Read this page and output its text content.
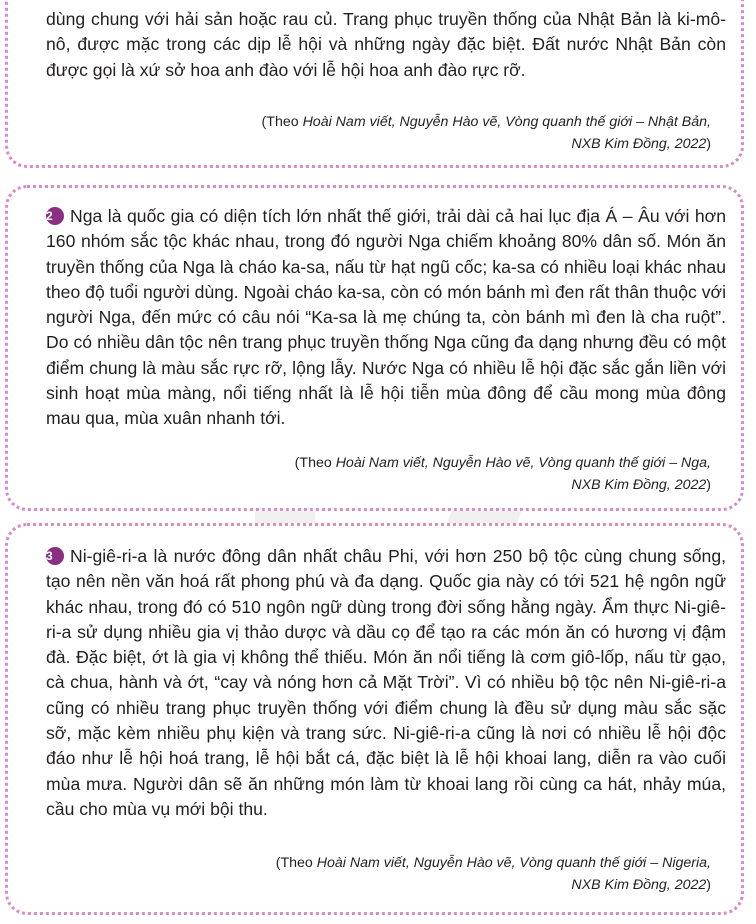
dùng chung với hải sản hoặc rau củ. Trang phục truyền thống của Nhật Bản là ki-mô-nô, được mặc trong các dịp lễ hội và những ngày đặc biệt. Đất nước Nhật Bản còn được gọi là xứ sở hoa anh đào với lễ hội hoa anh đào rực rỡ.

(Theo Hoài Nam viết, Nguyễn Hào vẽ, Vòng quanh thế giới – Nhật Bản,
NXB Kim Đồng, 2022)

2 Nga là quốc gia có diện tích lớn nhất thế giới, trải dài cả hai lục địa Á – Âu với hơn 160 nhóm sắc tộc khác nhau, trong đó người Nga chiếm khoảng 80% dân số. Món ăn truyền thống của Nga là cháo ka-sa, nấu từ hạt ngũ cốc; ka-sa có nhiều loại khác nhau theo độ tuổi người dùng. Ngoài cháo ka-sa, còn có món bánh mì đen rất thân thuộc với người Nga, đến mức có câu nói “Ka-sa là mẹ chúng ta, còn bánh mì đen là cha ruột”. Do có nhiều dân tộc nên trang phục truyền thống Nga cũng đa dạng nhưng đều có một điểm chung là màu sắc rực rỡ, lộng lẫy. Nước Nga có nhiều lễ hội đặc sắc gắn liền với sinh hoạt mùa màng, nổi tiếng nhất là lễ hội tiễn mùa đông để cầu mong mùa đông mau qua, mùa xuân nhanh tới.

(Theo Hoài Nam viết, Nguyễn Hào vẽ, Vòng quanh thế giới – Nga,
NXB Kim Đồng, 2022)

3 Ni-giê-ri-a là nước đông dân nhất châu Phi, với hơn 250 bộ tộc cùng chung sống, tạo nên nền văn hoá rất phong phú và đa dạng. Quốc gia này có tới 521 hệ ngôn ngữ khác nhau, trong đó có 510 ngôn ngữ dùng trong đời sống hằng ngày. Ẩm thực Ni-giê-ri-a sử dụng nhiều gia vị thảo dược và dầu cọ để tạo ra các món ăn có hương vị đậm đà. Đặc biệt, ớt là gia vị không thể thiếu. Món ăn nổi tiếng là cơm giô-lốp, nấu từ gạo, cà chua, hành và ớt, “cay và nóng hơn cả Mặt Trời”. Vì có nhiều bộ tộc nên Ni-giê-ri-a cũng có nhiều trang phục truyền thống với điểm chung là đều sử dụng màu sắc sặc sỡ, mặc kèm nhiều phụ kiện và trang sức. Ni-giê-ri-a cũng là nơi có nhiều lễ hội độc đáo như lễ hội hoá trang, lễ hội bắt cá, đặc biệt là lễ hội khoai lang, diễn ra vào cuối mùa mưa. Người dân sẽ ăn những món làm từ khoai lang rồi cùng ca hát, nhảy múa, cầu cho mùa vụ mới bội thu.

(Theo Hoài Nam viết, Nguyễn Hào vẽ, Vòng quanh thế giới – Nigeria,
NXB Kim Đồng, 2022)
